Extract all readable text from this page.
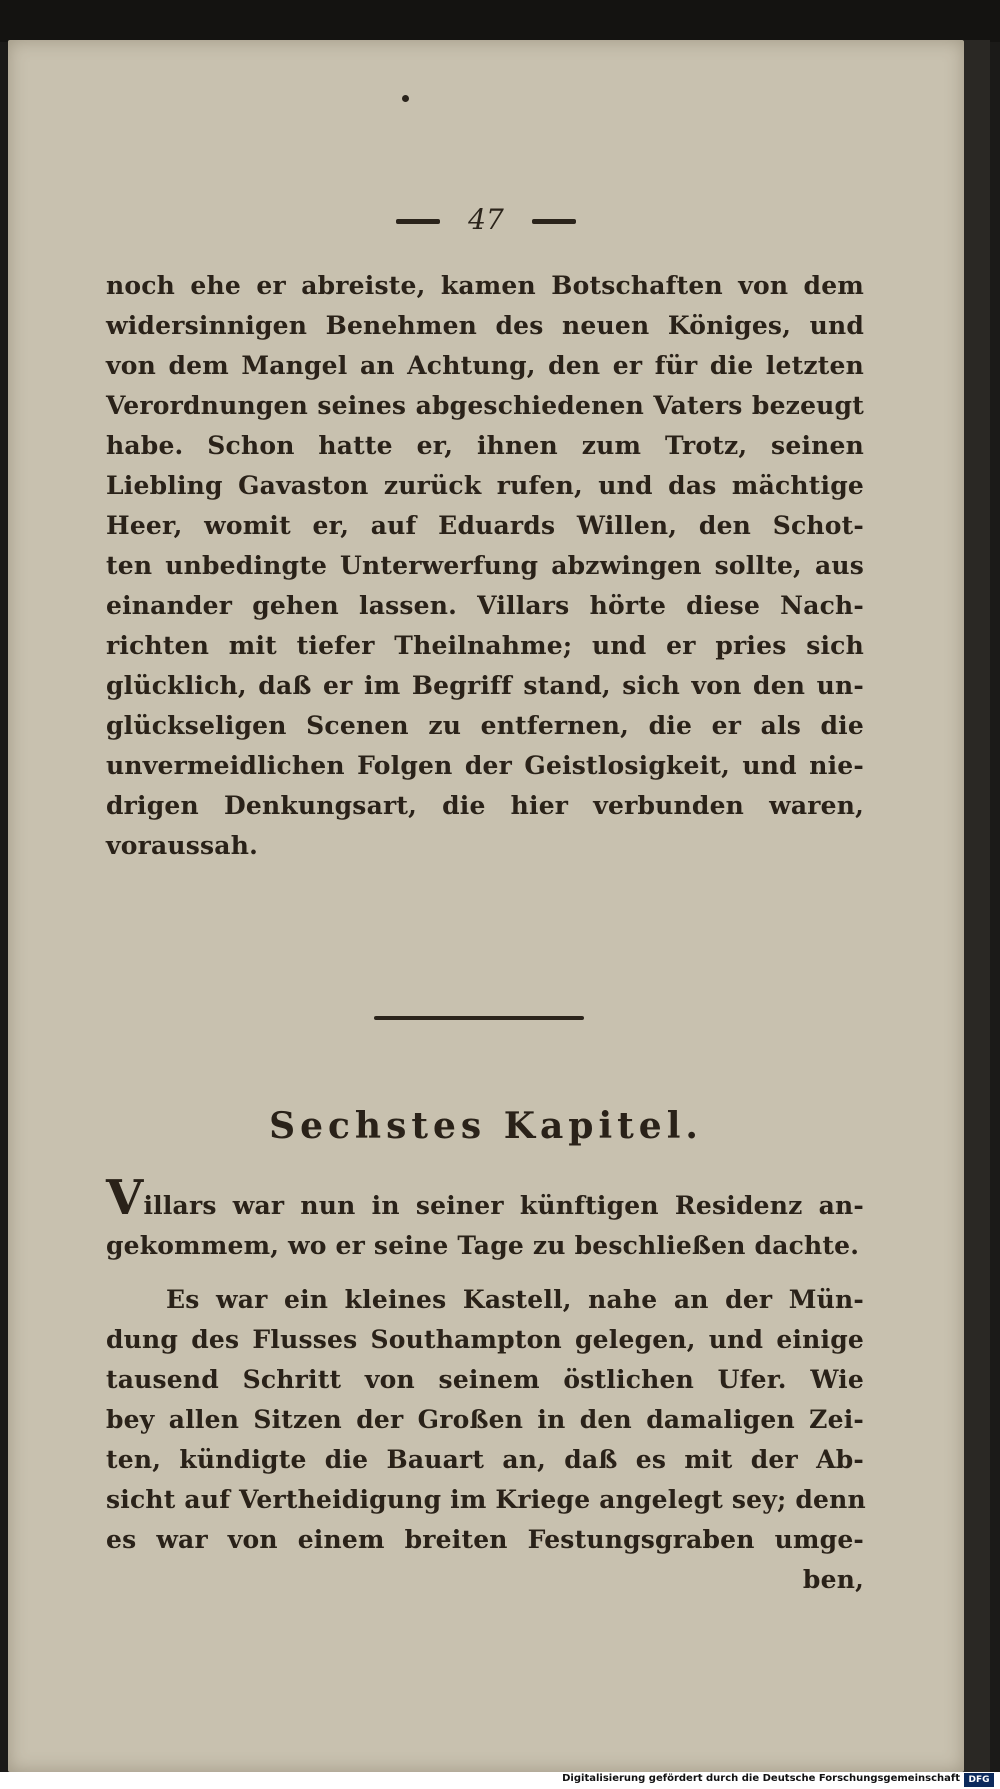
47
noch ehe er abreiste, kamen Botschaften von dem
widersinnigen Benehmen des neuen Königes, und
von dem Mangel an Achtung, den er für die letzten
Verordnungen seines abgeschiedenen Vaters bezeugt
habe. Schon hatte er, ihnen zum Trotz, seinen
Liebling Gavaston zurück rufen, und das mächtige
Heer, womit er, auf Eduards Willen, den Schot-
ten unbedingte Unterwerfung abzwingen sollte, aus
einander gehen lassen. Villars hörte diese Nach-
richten mit tiefer Theilnahme; und er pries sich
glücklich, daß er im Begriff stand, sich von den un-
glückseligen Scenen zu entfernen, die er als die
unvermeidlichen Folgen der Geistlosigkeit, und nie-
drigen Denkungsart, die hier verbunden waren,
voraussah.
Sechstes Kapitel.
Villars war nun in seiner künftigen Residenz an-
gekommem, wo er seine Tage zu beschließen dachte.
Es war ein kleines Kastell, nahe an der Mün-
dung des Flusses Southampton gelegen, und einige
tausend Schritt von seinem östlichen Ufer. Wie
bey allen Sitzen der Großen in den damaligen Zei-
ten, kündigte die Bauart an, daß es mit der Ab-
sicht auf Vertheidigung im Kriege angelegt sey; denn
es war von einem breiten Festungsgraben umge-
ben,
Digitalisierung gefördert durch die Deutsche Forschungsgemeinschaft DFG
